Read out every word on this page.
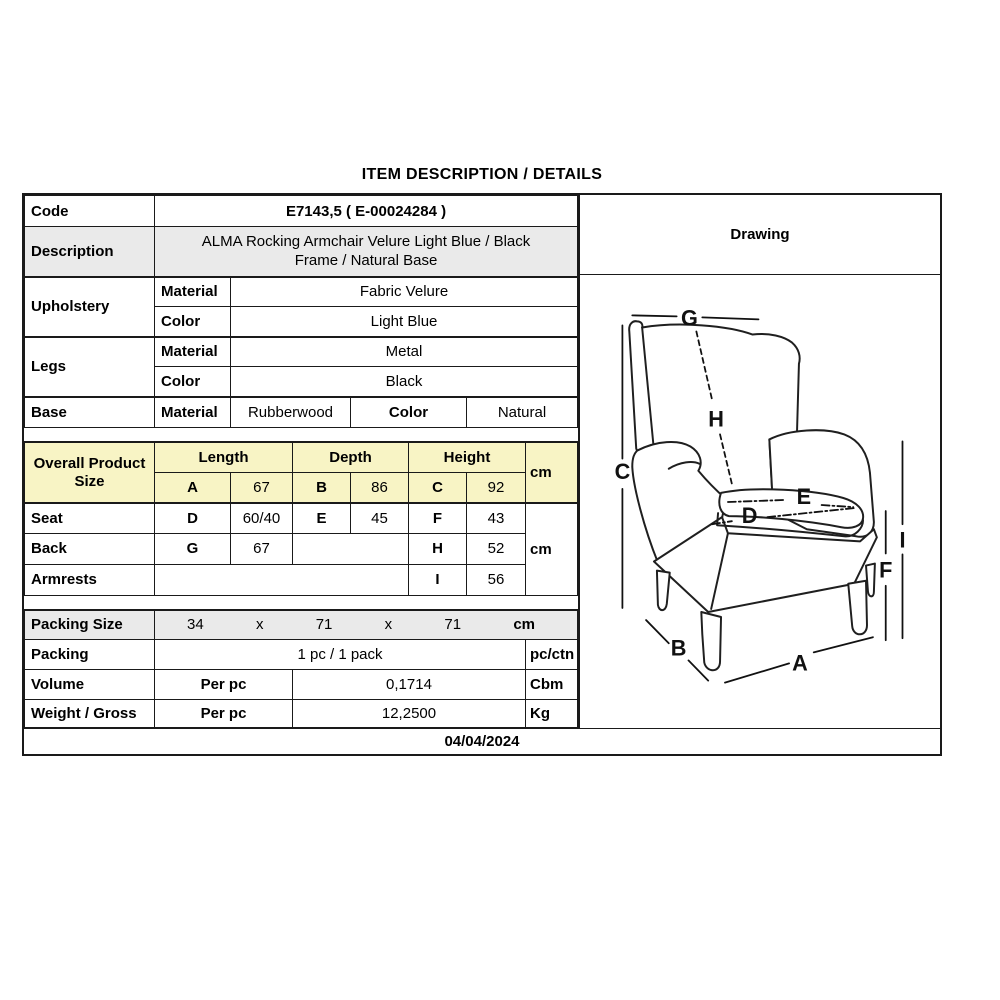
ITEM DESCRIPTION / DETAILS
Code	E7143,5 ( E-00024284 )						
Description	ALMA Rocking Armchair Velure Light Blue / Black Frame / Natural Base						

Upholstery	Material	Fabric Velure					
	Color	Light Blue					
Legs	Material	Metal					
	Color	Black					
Base	Material	Rubberwood		Color		Natural	

Overall Product Size	Length		Depth		Height		cm
	A	67	B	86	C	92	
Seat	D	60/40	E	45	F	43	cm
Back	G	67			H	52	
Armrests					I	56	

Packing Size	34	x	71	x	71	cm

Packing	1 pc / 1 pack						pc/ctn
Volume	Per pc		0,1714				Cbm
Weight / Gross	Per pc		12,2500				Kg
Drawing
G
H
C
E
D
I
F
B
A
04/04/2024
